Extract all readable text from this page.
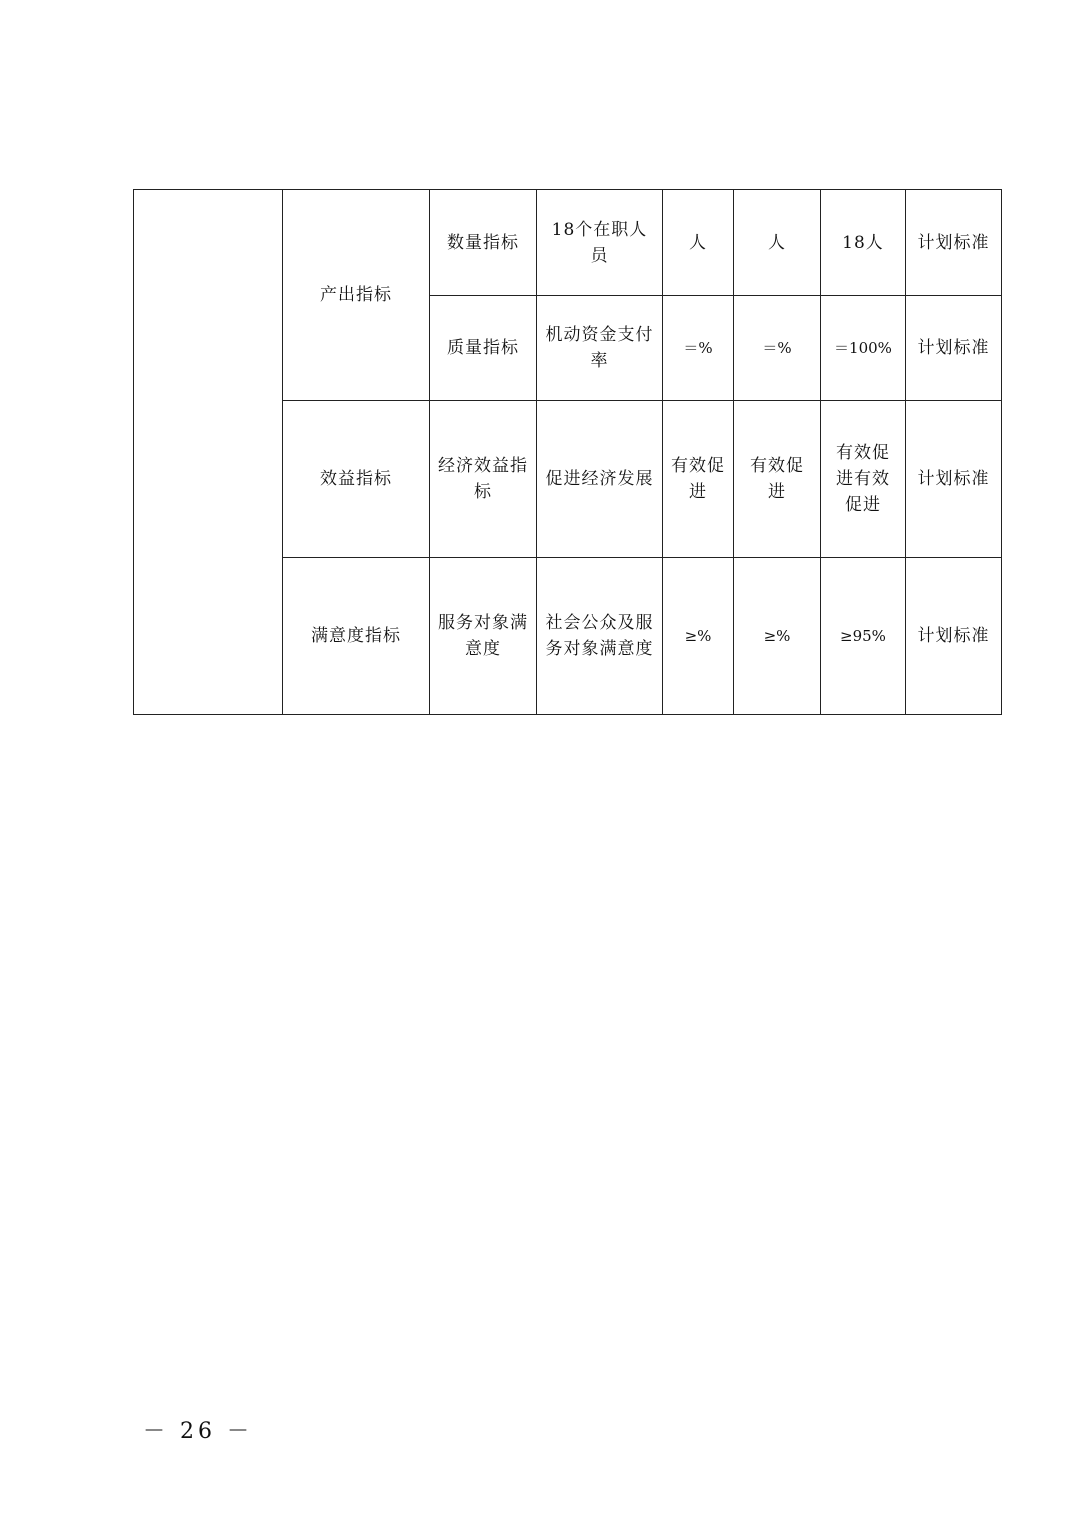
	产出指标	数量指标	18个在职人员	人	人	18人	计划标准
		质量指标	机动资金支付率	＝%	＝%	＝100%	计划标准
	效益指标	经济效益指标	促进经济发展	有效促进	有效促进	有效促进有效促进	计划标准
	满意度指标	服务对象满意度	社会公众及服务对象满意度	≥%	≥%	≥95%	计划标准
－ 26 －
